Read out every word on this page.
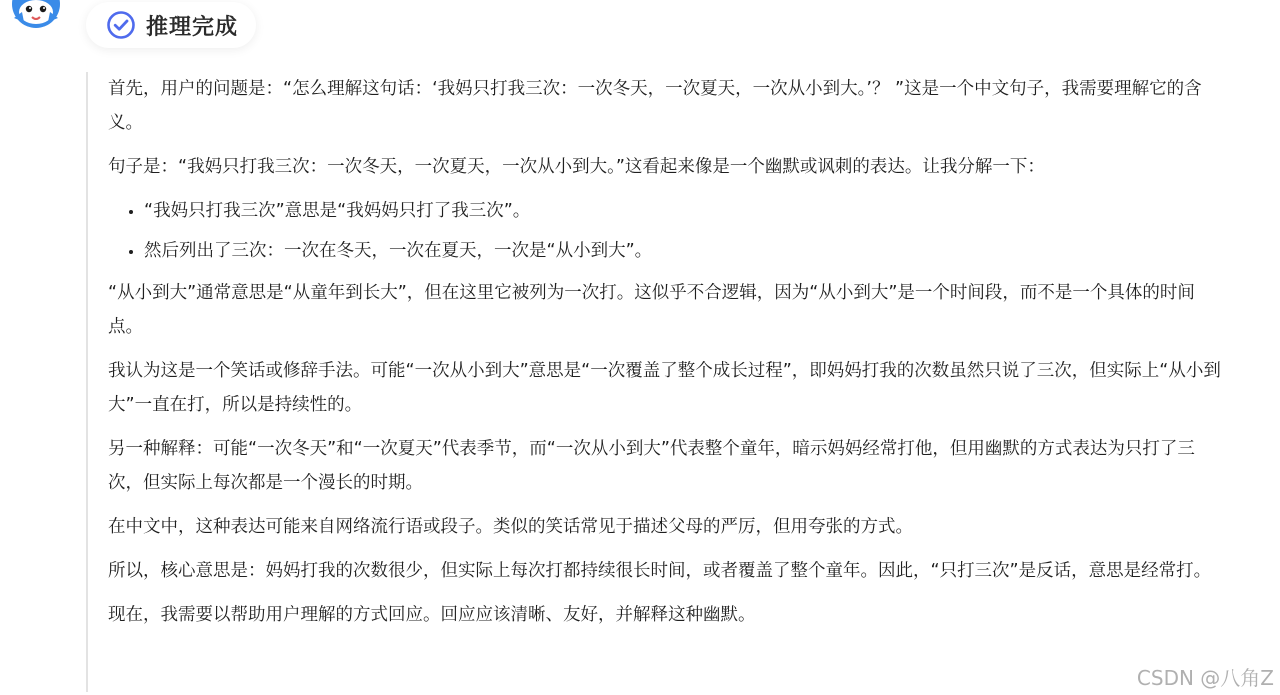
推理完成

首先，用户的问题是：“怎么理解这句话：‘我妈只打我三次：一次冬天，一次夏天，一次从小到大。’？ ”这是一个中文句子，我需要理解它的含义。

句子是：“我妈只打我三次：一次冬天，一次夏天，一次从小到大。”这看起来像是一个幽默或讽刺的表达。让我分解一下：

• “我妈只打我三次”意思是“我妈妈只打了我三次”。
• 然后列出了三次：一次在冬天，一次在夏天，一次是“从小到大”。

“从小到大”通常意思是“从童年到长大”，但在这里它被列为一次打。这似乎不合逻辑，因为“从小到大”是一个时间段，而不是一个具体的时间点。

我认为这是一个笑话或修辞手法。可能“一次从小到大”意思是“一次覆盖了整个成长过程”，即妈妈打我的次数虽然只说了三次，但实际上“从小到大”一直在打，所以是持续性的。

另一种解释：可能“一次冬天”和“一次夏天”代表季节，而“一次从小到大”代表整个童年，暗示妈妈经常打他，但用幽默的方式表达为只打了三次，但实际上每次都是一个漫长的时期。

在中文中，这种表达可能来自网络流行语或段子。类似的笑话常见于描述父母的严厉，但用夸张的方式。

所以，核心意思是：妈妈打我的次数很少，但实际上每次打都持续很长时间，或者覆盖了整个童年。因此，“只打三次”是反话，意思是经常打。

现在，我需要以帮助用户理解的方式回应。回应应该清晰、友好，并解释这种幽默。

CSDN @八角Z
